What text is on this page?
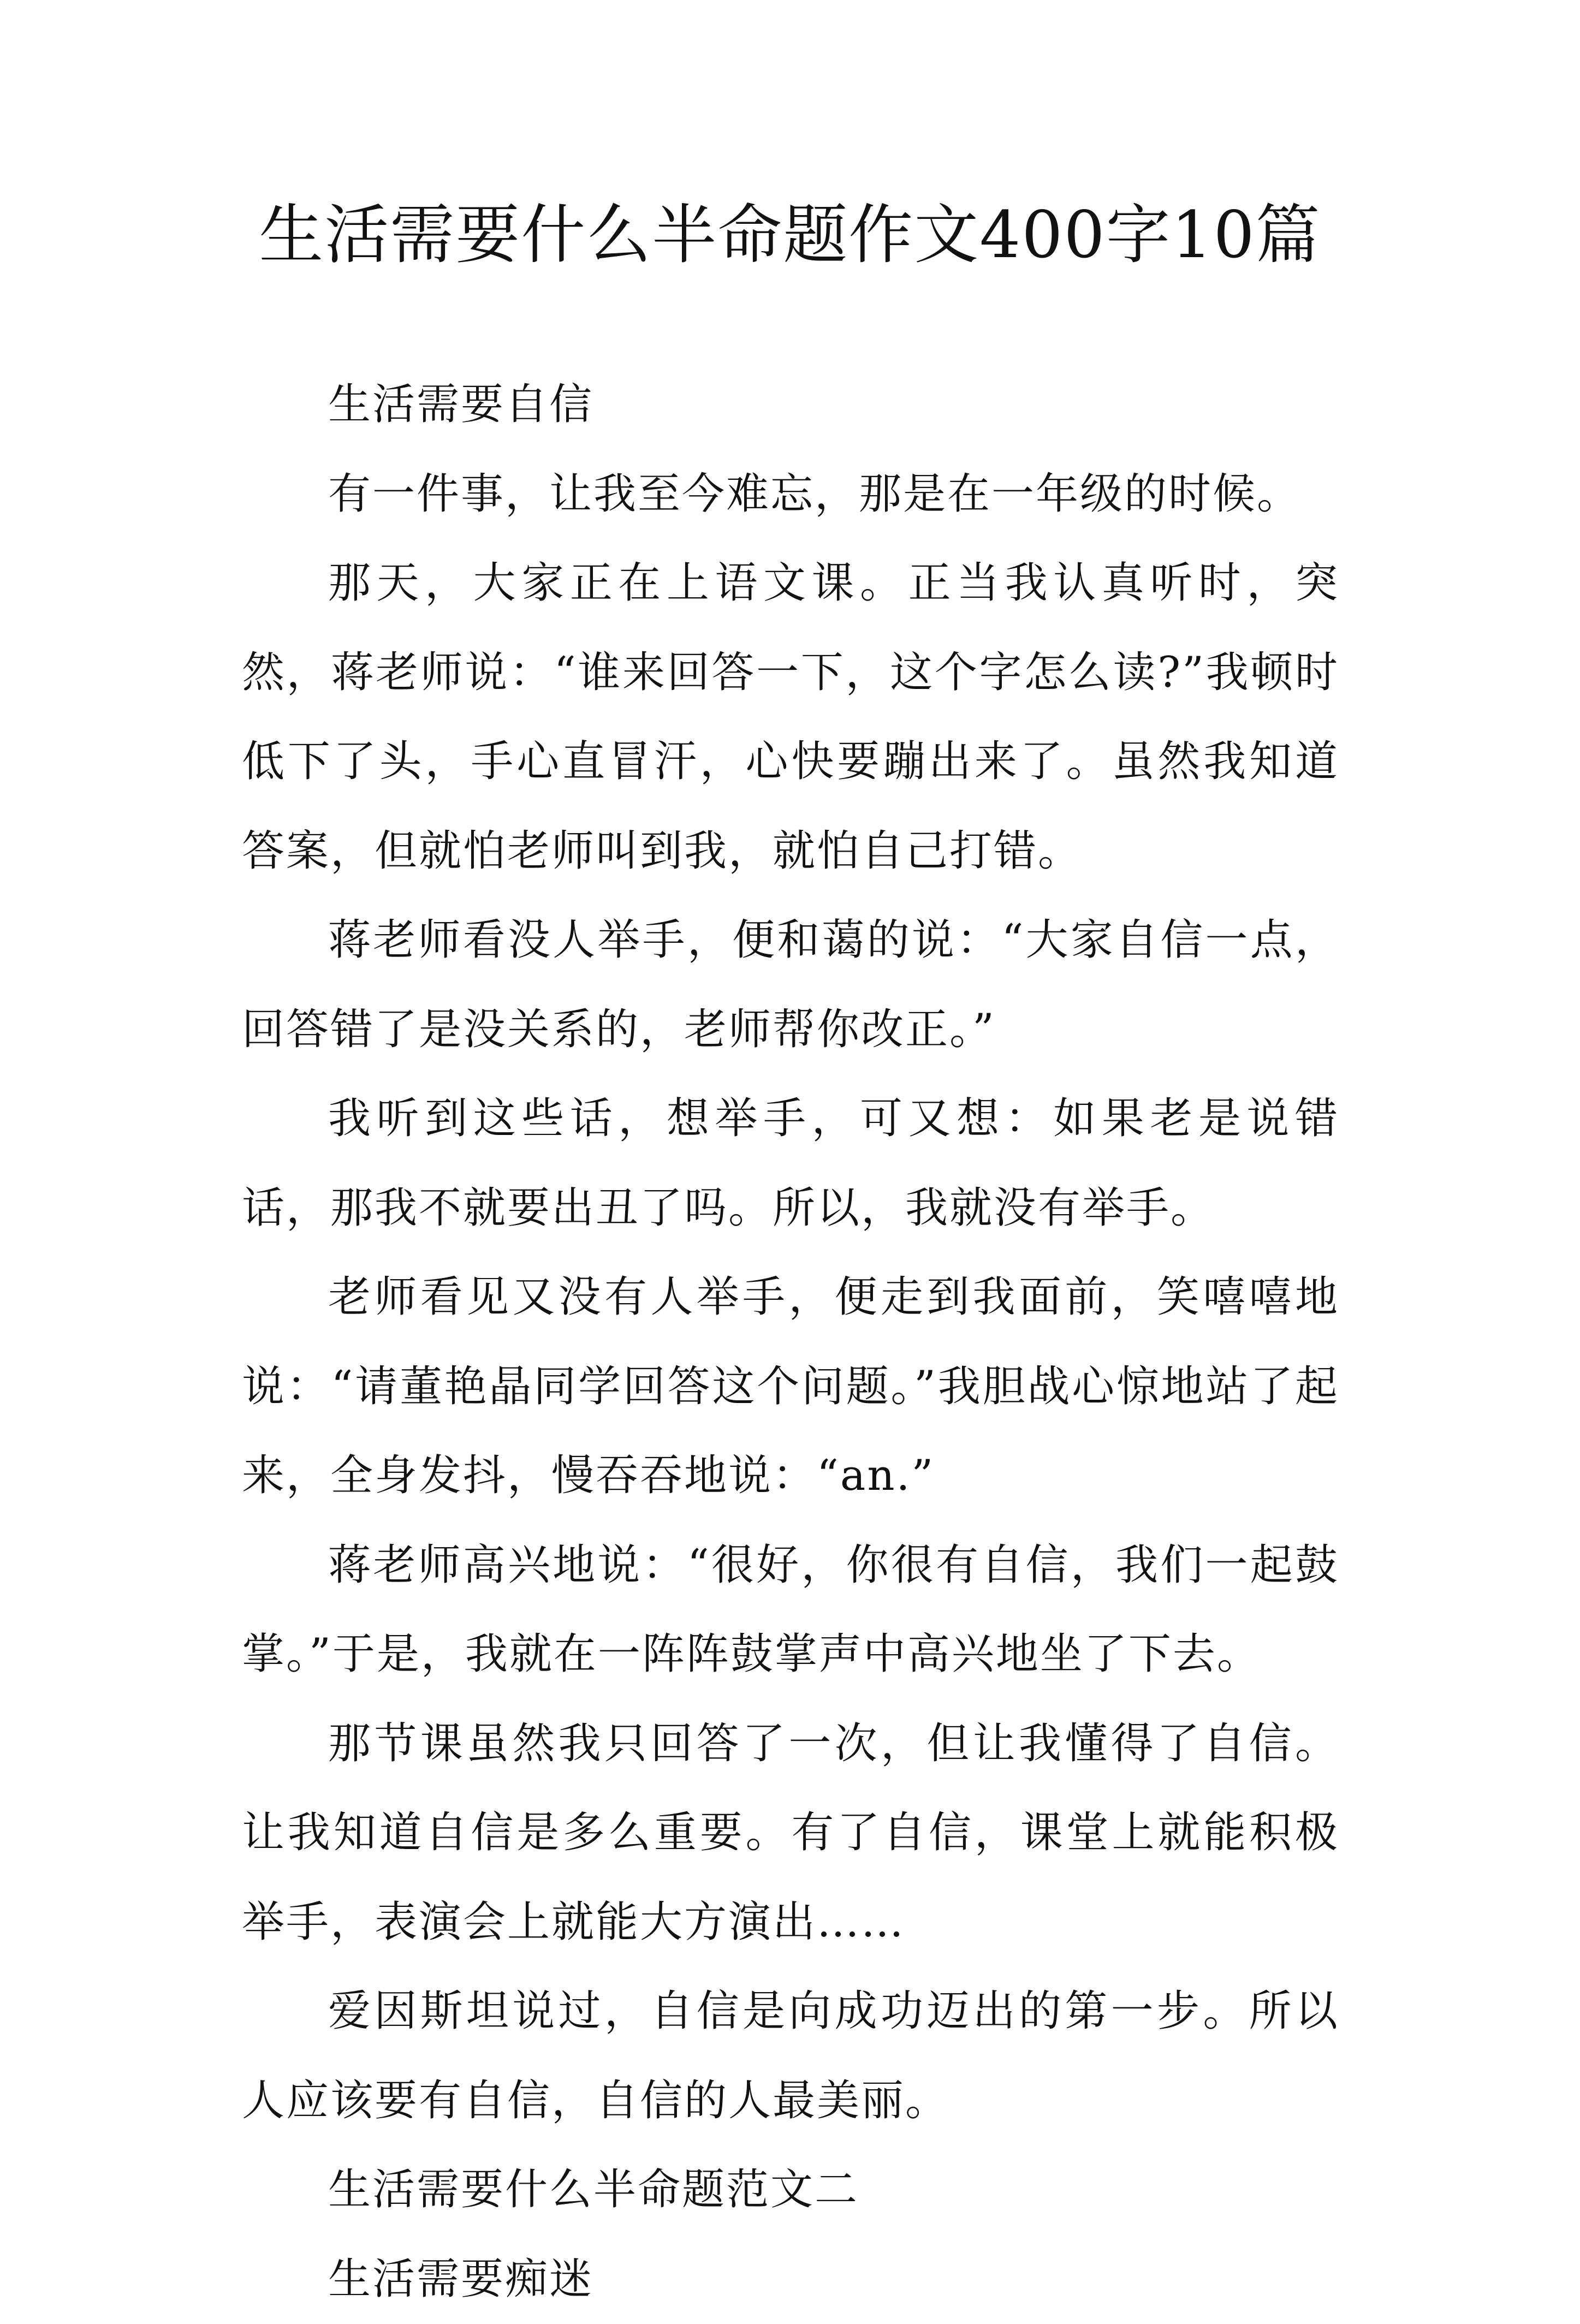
生活需要什么半命题作文400字10篇

生活需要自信

有一件事，让我至今难忘，那是在一年级的时候。

那天，大家正在上语文课。正当我认真听时，突然，蒋老师说：“谁来回答一下，这个字怎么读?”我顿时低下了头，手心直冒汗，心快要蹦出来了。虽然我知道答案，但就怕老师叫到我，就怕自己打错。

蒋老师看没人举手，便和蔼的说：“大家自信一点，回答错了是没关系的，老师帮你改正。”

我听到这些话，想举手，可又想：如果老是说错话，那我不就要出丑了吗。所以，我就没有举手。

老师看见又没有人举手，便走到我面前，笑嘻嘻地说：“请董艳晶同学回答这个问题。”我胆战心惊地站了起来，全身发抖，慢吞吞地说：“an.”

蒋老师高兴地说：“很好，你很有自信，我们一起鼓掌。”于是，我就在一阵阵鼓掌声中高兴地坐了下去。

那节课虽然我只回答了一次，但让我懂得了自信。让我知道自信是多么重要。有了自信，课堂上就能积极举手，表演会上就能大方演出……

爱因斯坦说过，自信是向成功迈出的第一步。所以人应该要有自信，自信的人最美丽。

生活需要什么半命题范文二

生活需要痴迷
